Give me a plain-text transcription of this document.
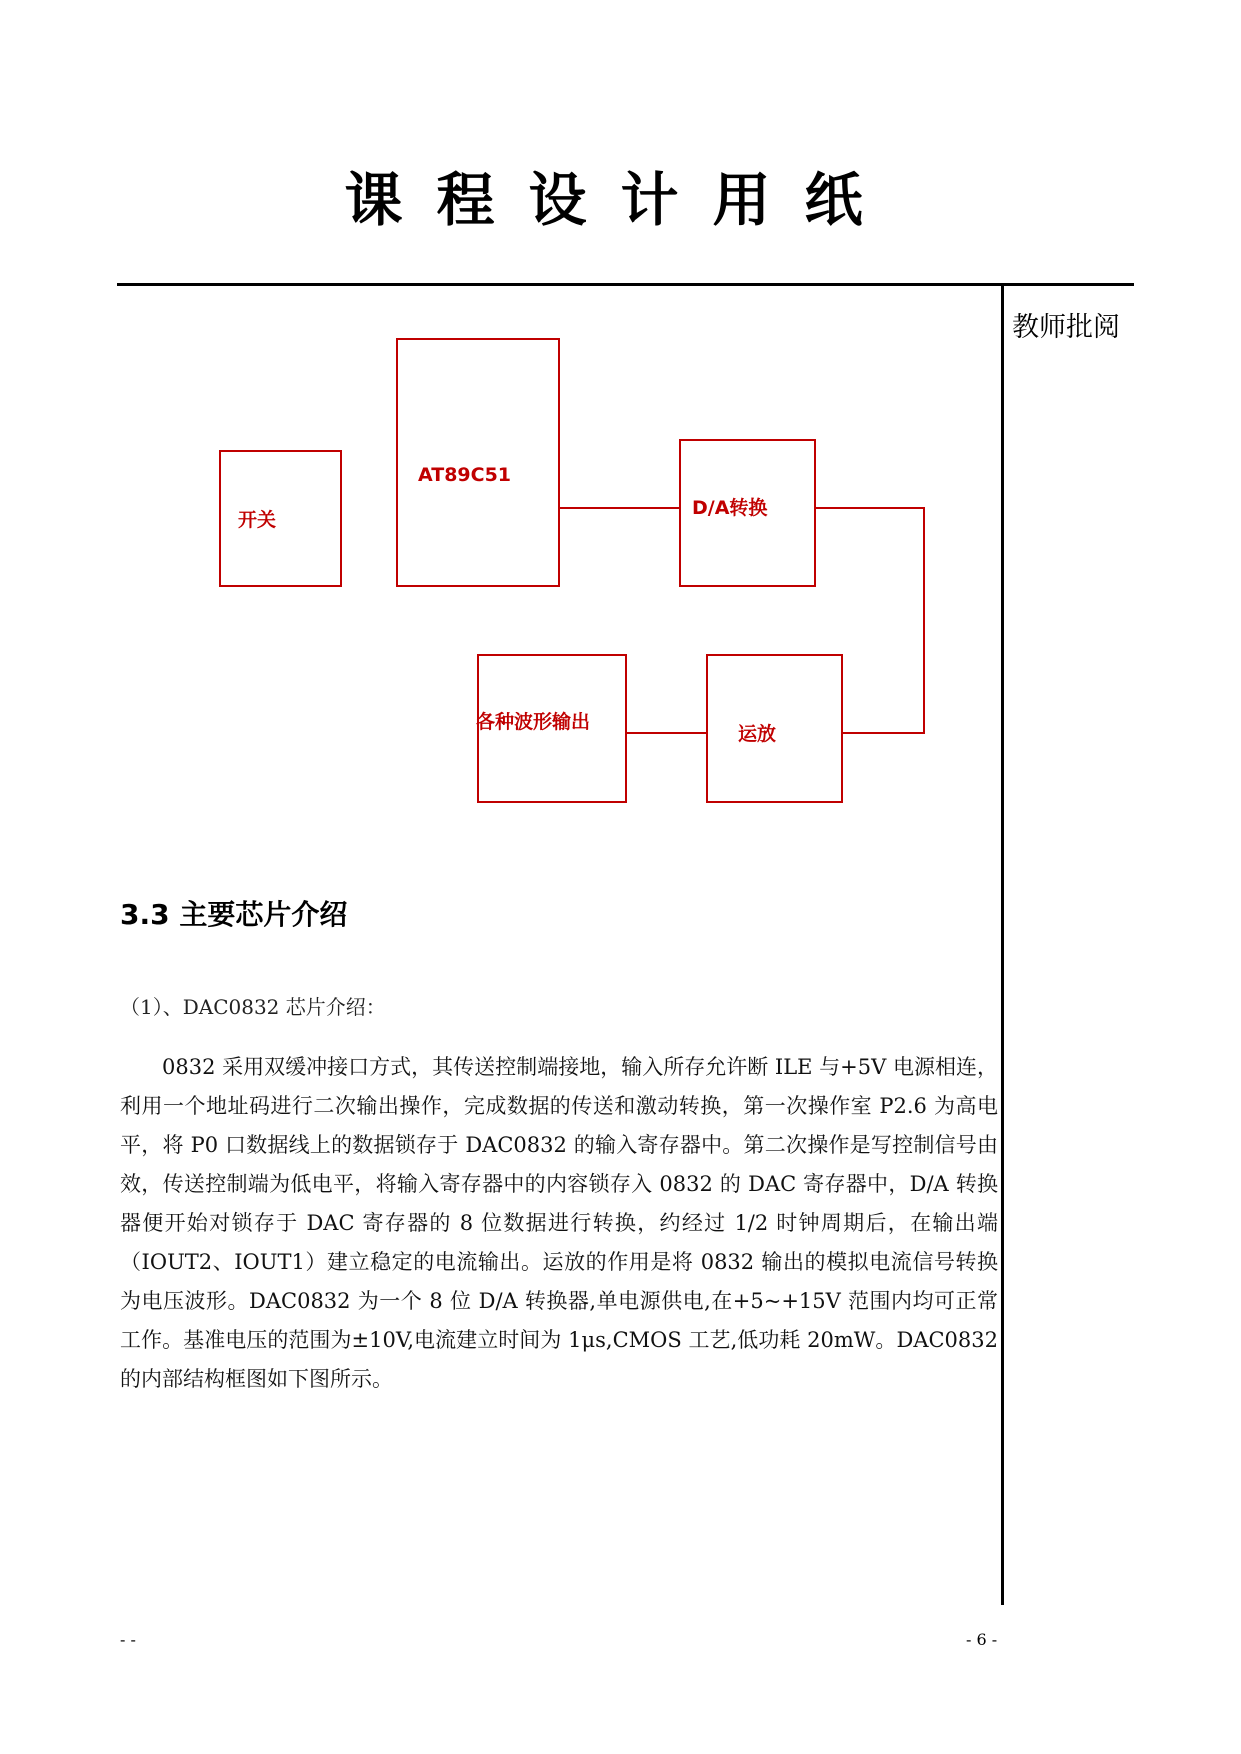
课程设计用纸
教师批阅
开关
AT89C51
D/A转换
各种波形输出
运放
3.3 主要芯片介绍
（1）、DAC0832 芯片介绍：
0832 采用双缓冲接口方式，其传送控制端接地，输入所存允许断 ILE 与+5V 电源相连，利用一个地址码进行二次输出操作，完成数据的传送和激动转换，第一次操作室 P2.6 为高电平，将 P0 口数据线上的数据锁存于 DAC0832 的输入寄存器中。第二次操作是写控制信号由效，传送控制端为低电平，将输入寄存器中的内容锁存入 0832 的 DAC 寄存器中，D/A 转换器便开始对锁存于 DAC 寄存器的 8 位数据进行转换，约经过 1/2 时钟周期后，在输出端（IOUT2、IOUT1）建立稳定的电流输出。运放的作用是将 0832 输出的模拟电流信号转换为电压波形。DAC0832 为一个 8 位 D/A 转换器,单电源供电,在+5~+15V 范围内均可正常工作。基准电压的范围为±10V,电流建立时间为 1μs,CMOS 工艺,低功耗 20mW。DAC0832 的内部结构框图如下图所示。
- -	- 6 -
